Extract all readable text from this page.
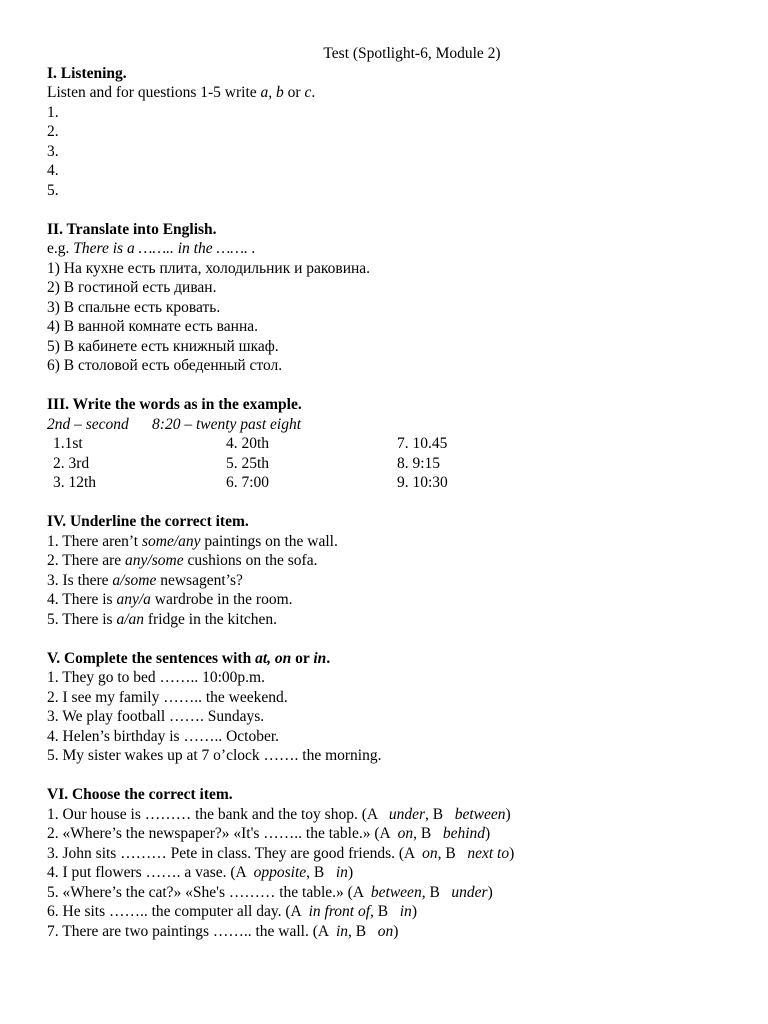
Test (Spotlight-6, Module 2)
I. Listening.
Listen and for questions 1-5 write a, b or c.
1.
2.
3.
4.
5.
II. Translate into English.
e.g. There is a …….. in the ……. .
1) На кухне есть плита, холодильник и раковина.
2) В гостиной есть диван.
3) В спальне есть кровать.
4) В ванной комнате есть ванна.
5) В кабинете есть книжный шкаф.
6) В столовой есть обеденный стол.
III. Write the words as in the example.
2nd – second      8:20 – twenty past eight
1.1st	4. 20th	7. 10.45
2. 3rd	5. 25th	8. 9:15
3. 12th	6. 7:00	9. 10:30
IV. Underline the correct item.
1. There aren’t some/any paintings on the wall.
2. There are any/some cushions on the sofa.
3. Is there a/some newsagent’s?
4. There is any/a wardrobe in the room.
5. There is a/an fridge in the kitchen.
V. Complete the sentences with at, on or in.
1. They go to bed …….. 10:00p.m.
2. I see my family …….. the weekend.
3. We play football ……. Sundays.
4. Helen’s birthday is …….. October.
5. My sister wakes up at 7 o’clock ……. the morning.
VI. Choose the correct item.
1. Our house is ……… the bank and the toy shop. (A   under, B   between)
2. «Where’s the newspaper?» «It's …….. the table.» (A  on, B   behind)
3. John sits ……… Pete in class. They are good friends. (A  on, B   next to)
4. I put flowers ……. a vase. (A  opposite, B   in)
5. «Where’s the cat?» «She's ……… the table.» (A  between, B   under)
6. He sits …….. the computer all day. (A  in front of, B   in)
7. There are two paintings …….. the wall. (A  in, B   on)
